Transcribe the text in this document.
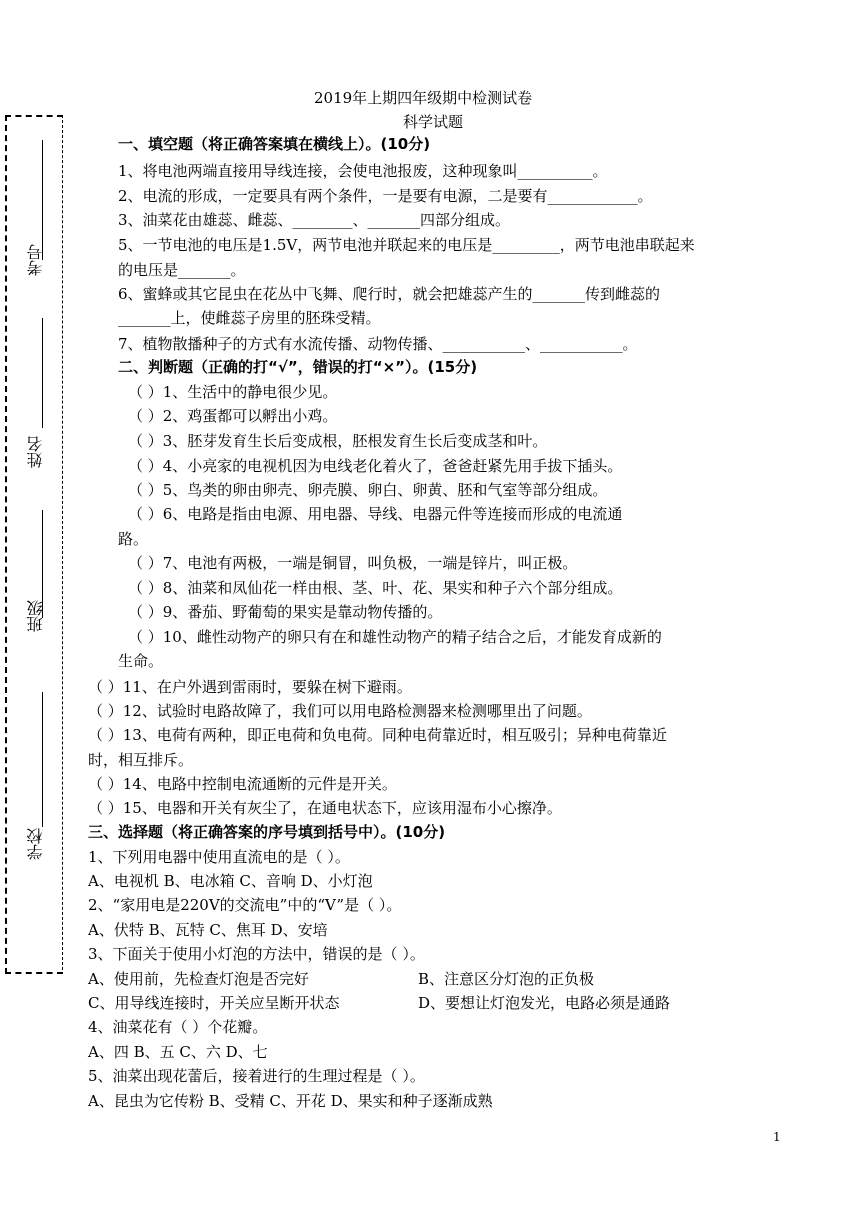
考号
姓名
班级
学校
2019年上期四年级期中检测试卷
科学试题
一、填空题（将正确答案填在横线上）。(10分)
1、将电池两端直接用导线连接，会使电池报废，这种现象叫__________。
2、电流的形成，一定要具有两个条件，一是要有电源，二是要有____________。
3、油菜花由雄蕊、雌蕊、________、_______四部分组成。
5、一节电池的电压是1.5V，两节电池并联起来的电压是_________，两节电池串联起来
的电压是_______。
6、蜜蜂或其它昆虫在花丛中飞舞、爬行时，就会把雄蕊产生的_______传到雌蕊的
_______上，使雌蕊子房里的胚珠受精。
7、植物散播种子的方式有水流传播、动物传播、___________、___________。
二、判断题（正确的打“√”，错误的打“×”）。(15分)
（ ）1、生活中的静电很少见。
（ ）2、鸡蛋都可以孵出小鸡。
（ ）3、胚芽发育生长后变成根，胚根发育生长后变成茎和叶。
（ ）4、小亮家的电视机因为电线老化着火了，爸爸赶紧先用手拔下插头。
（ ）5、鸟类的卵由卵壳、卵壳膜、卵白、卵黄、胚和气室等部分组成。
（ ）6、电路是指由电源、用电器、导线、电器元件等连接而形成的电流通
路。
（ ）7、电池有两极，一端是铜冒，叫负极，一端是锌片，叫正极。
（ ）8、油菜和凤仙花一样由根、茎、叶、花、果实和种子六个部分组成。
（ ）9、番茄、野葡萄的果实是靠动物传播的。
（ ）10、雌性动物产的卵只有在和雄性动物产的精子结合之后，才能发育成新的
生命。
（ ）11、在户外遇到雷雨时，要躲在树下避雨。
（ ）12、试验时电路故障了，我们可以用电路检测器来检测哪里出了问题。
（ ）13、电荷有两种，即正电荷和负电荷。同种电荷靠近时，相互吸引；异种电荷靠近
时，相互排斥。
（ ）14、电路中控制电流通断的元件是开关。
（ ）15、电器和开关有灰尘了，在通电状态下，应该用湿布小心擦净。
三、选择题（将正确答案的序号填到括号中）。(10分)
1、下列用电器中使用直流电的是（ ）。
A、电视机 B、电冰箱 C、音响 D、小灯泡
2、“家用电是220V的交流电”中的“V”是（ ）。
A、伏特 B、瓦特 C、焦耳 D、安培
3、下面关于使用小灯泡的方法中，错误的是（ ）。
A、使用前，先检查灯泡是否完好	B、注意区分灯泡的正负极
C、用导线连接时，开关应呈断开状态	D、要想让灯泡发光，电路必须是通路
4、油菜花有（ ）个花瓣。
A、四 B、五 C、六 D、七
5、油菜出现花蕾后，接着进行的生理过程是（ ）。
A、昆虫为它传粉 B、受精 C、开花 D、果实和种子逐渐成熟
1
